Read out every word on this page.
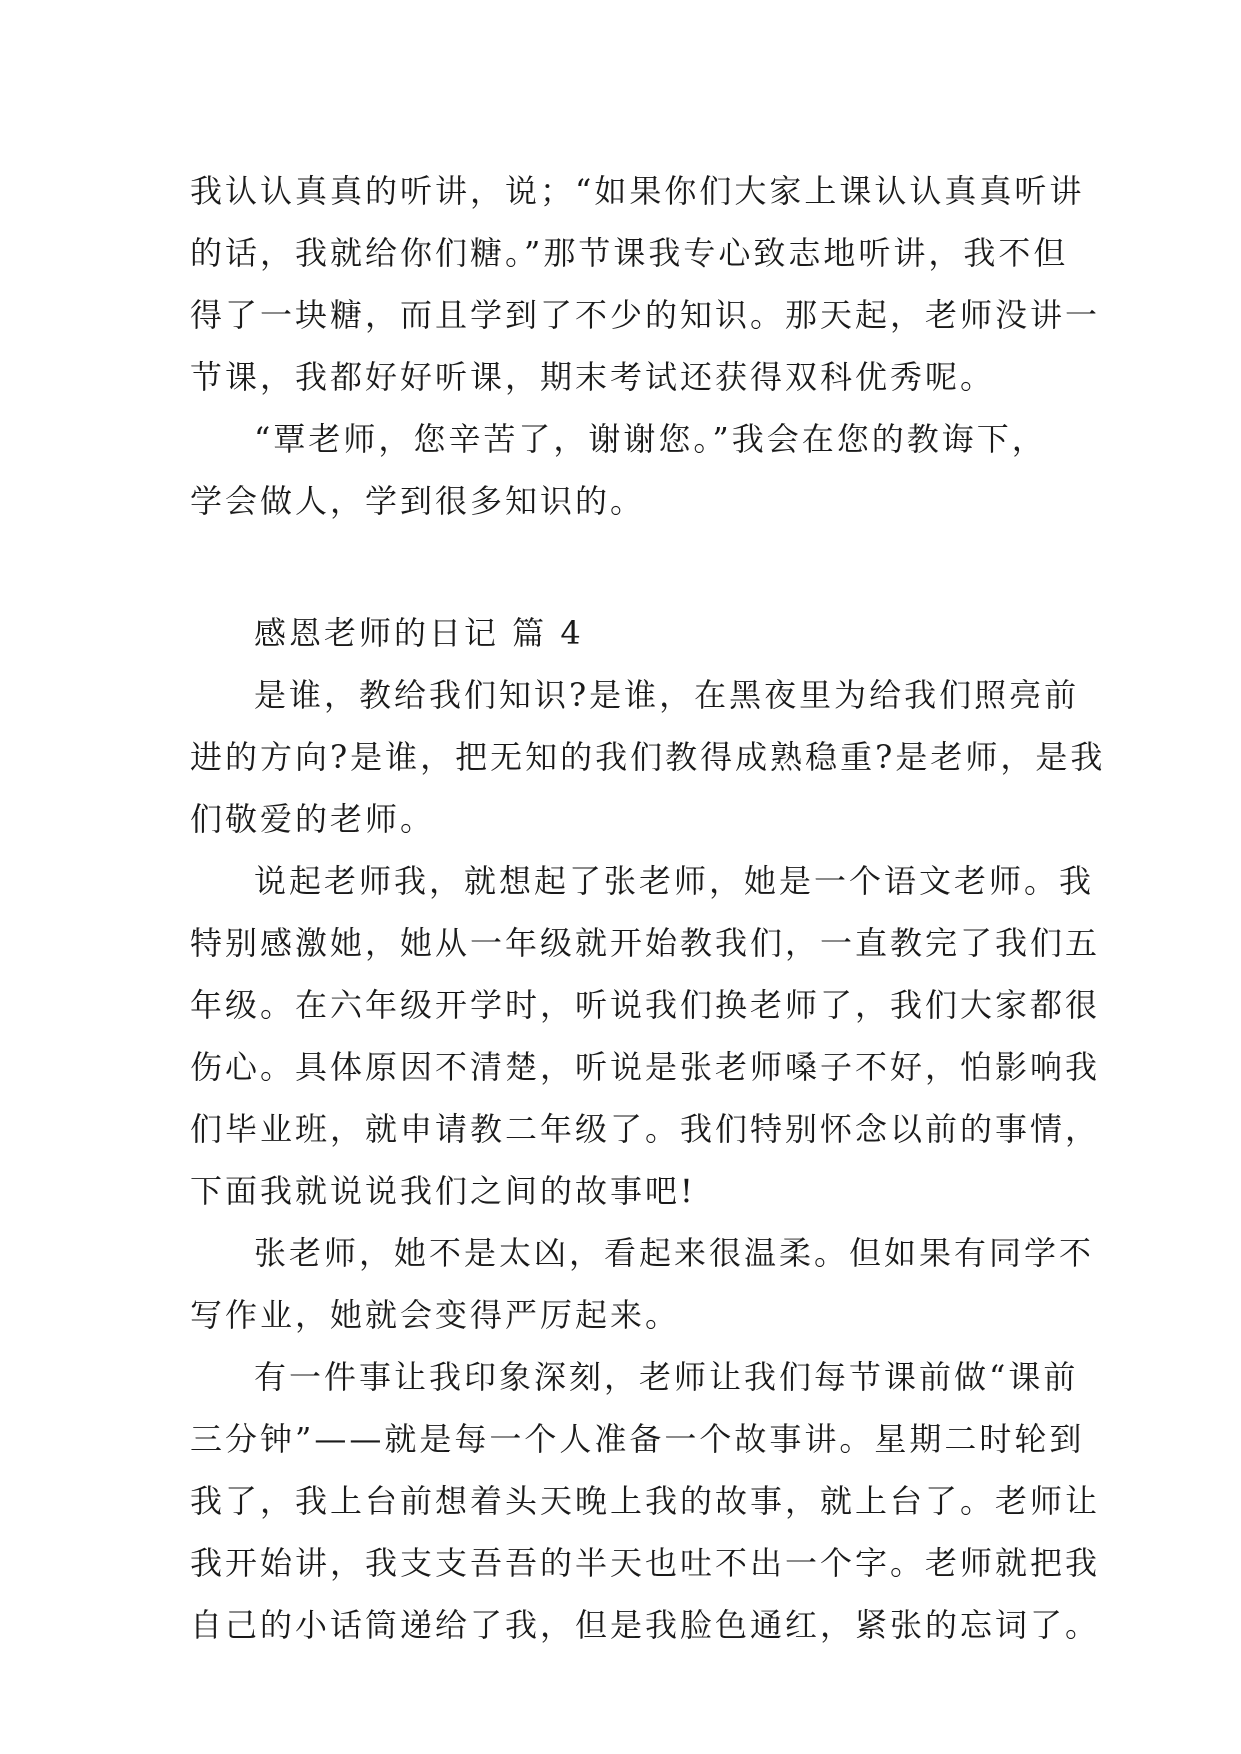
我认认真真的听讲，说；“如果你们大家上课认认真真听讲
的话，我就给你们糖。”那节课我专心致志地听讲，我不但
得了一块糖，而且学到了不少的知识。那天起，老师没讲一
节课，我都好好听课，期末考试还获得双科优秀呢。
“覃老师，您辛苦了，谢谢您。”我会在您的教诲下，
学会做人，学到很多知识的。
感恩老师的日记 篇 4
是谁，教给我们知识?是谁，在黑夜里为给我们照亮前
进的方向?是谁，把无知的我们教得成熟稳重?是老师，是我
们敬爱的老师。
说起老师我，就想起了张老师，她是一个语文老师。我
特别感激她，她从一年级就开始教我们，一直教完了我们五
年级。在六年级开学时，听说我们换老师了，我们大家都很
伤心。具体原因不清楚，听说是张老师嗓子不好，怕影响我
们毕业班，就申请教二年级了。我们特别怀念以前的事情，
下面我就说说我们之间的故事吧!
张老师，她不是太凶，看起来很温柔。但如果有同学不
写作业，她就会变得严厉起来。
有一件事让我印象深刻，老师让我们每节课前做“课前
三分钟”——就是每一个人准备一个故事讲。星期二时轮到
我了，我上台前想着头天晚上我的故事，就上台了。老师让
我开始讲，我支支吾吾的半天也吐不出一个字。老师就把我
自己的小话筒递给了我，但是我脸色通红，紧张的忘词了。
